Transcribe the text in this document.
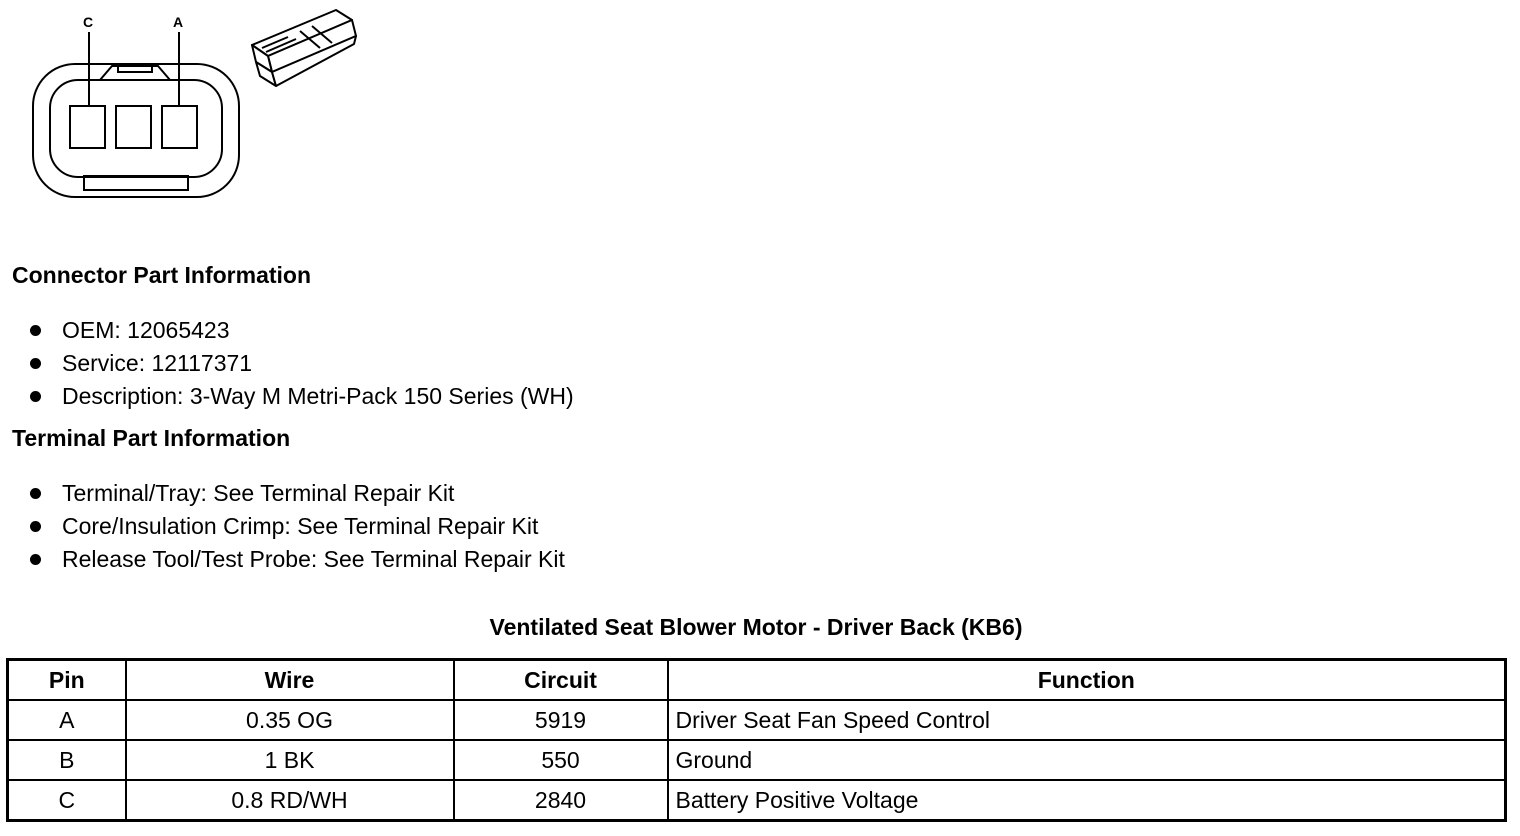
C	A
Connector Part Information
OEM: 12065423
Service: 12117371
Description: 3-Way M Metri-Pack 150 Series (WH)
Terminal Part Information
Terminal/Tray: See Terminal Repair Kit
Core/Insulation Crimp: See Terminal Repair Kit
Release Tool/Test Probe: See Terminal Repair Kit
Ventilated Seat Blower Motor - Driver Back (KB6)
Pin	Wire	Circuit	Function
A	0.35 OG	5919	Driver Seat Fan Speed Control
B	1 BK	550	Ground
C	0.8 RD/WH	2840	Battery Positive Voltage
